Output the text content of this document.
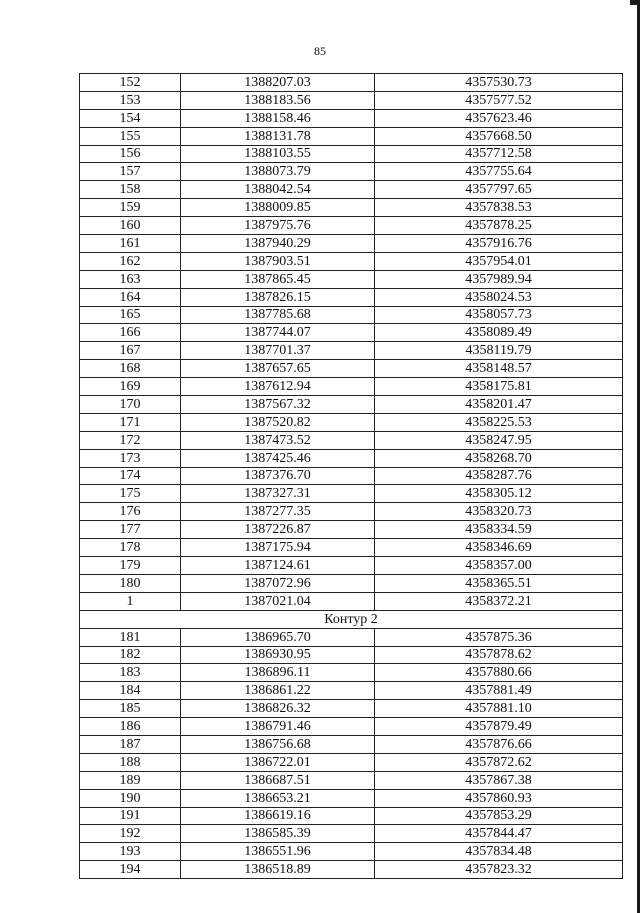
85
152	1388207.03	4357530.73
153	1388183.56	4357577.52
154	1388158.46	4357623.46
155	1388131.78	4357668.50
156	1388103.55	4357712.58
157	1388073.79	4357755.64
158	1388042.54	4357797.65
159	1388009.85	4357838.53
160	1387975.76	4357878.25
161	1387940.29	4357916.76
162	1387903.51	4357954.01
163	1387865.45	4357989.94
164	1387826.15	4358024.53
165	1387785.68	4358057.73
166	1387744.07	4358089.49
167	1387701.37	4358119.79
168	1387657.65	4358148.57
169	1387612.94	4358175.81
170	1387567.32	4358201.47
171	1387520.82	4358225.53
172	1387473.52	4358247.95
173	1387425.46	4358268.70
174	1387376.70	4358287.76
175	1387327.31	4358305.12
176	1387277.35	4358320.73
177	1387226.87	4358334.59
178	1387175.94	4358346.69
179	1387124.61	4358357.00
180	1387072.96	4358365.51
1	1387021.04	4358372.21
Контур 2		
181	1386965.70	4357875.36
182	1386930.95	4357878.62
183	1386896.11	4357880.66
184	1386861.22	4357881.49
185	1386826.32	4357881.10
186	1386791.46	4357879.49
187	1386756.68	4357876.66
188	1386722.01	4357872.62
189	1386687.51	4357867.38
190	1386653.21	4357860.93
191	1386619.16	4357853.29
192	1386585.39	4357844.47
193	1386551.96	4357834.48
194	1386518.89	4357823.32
